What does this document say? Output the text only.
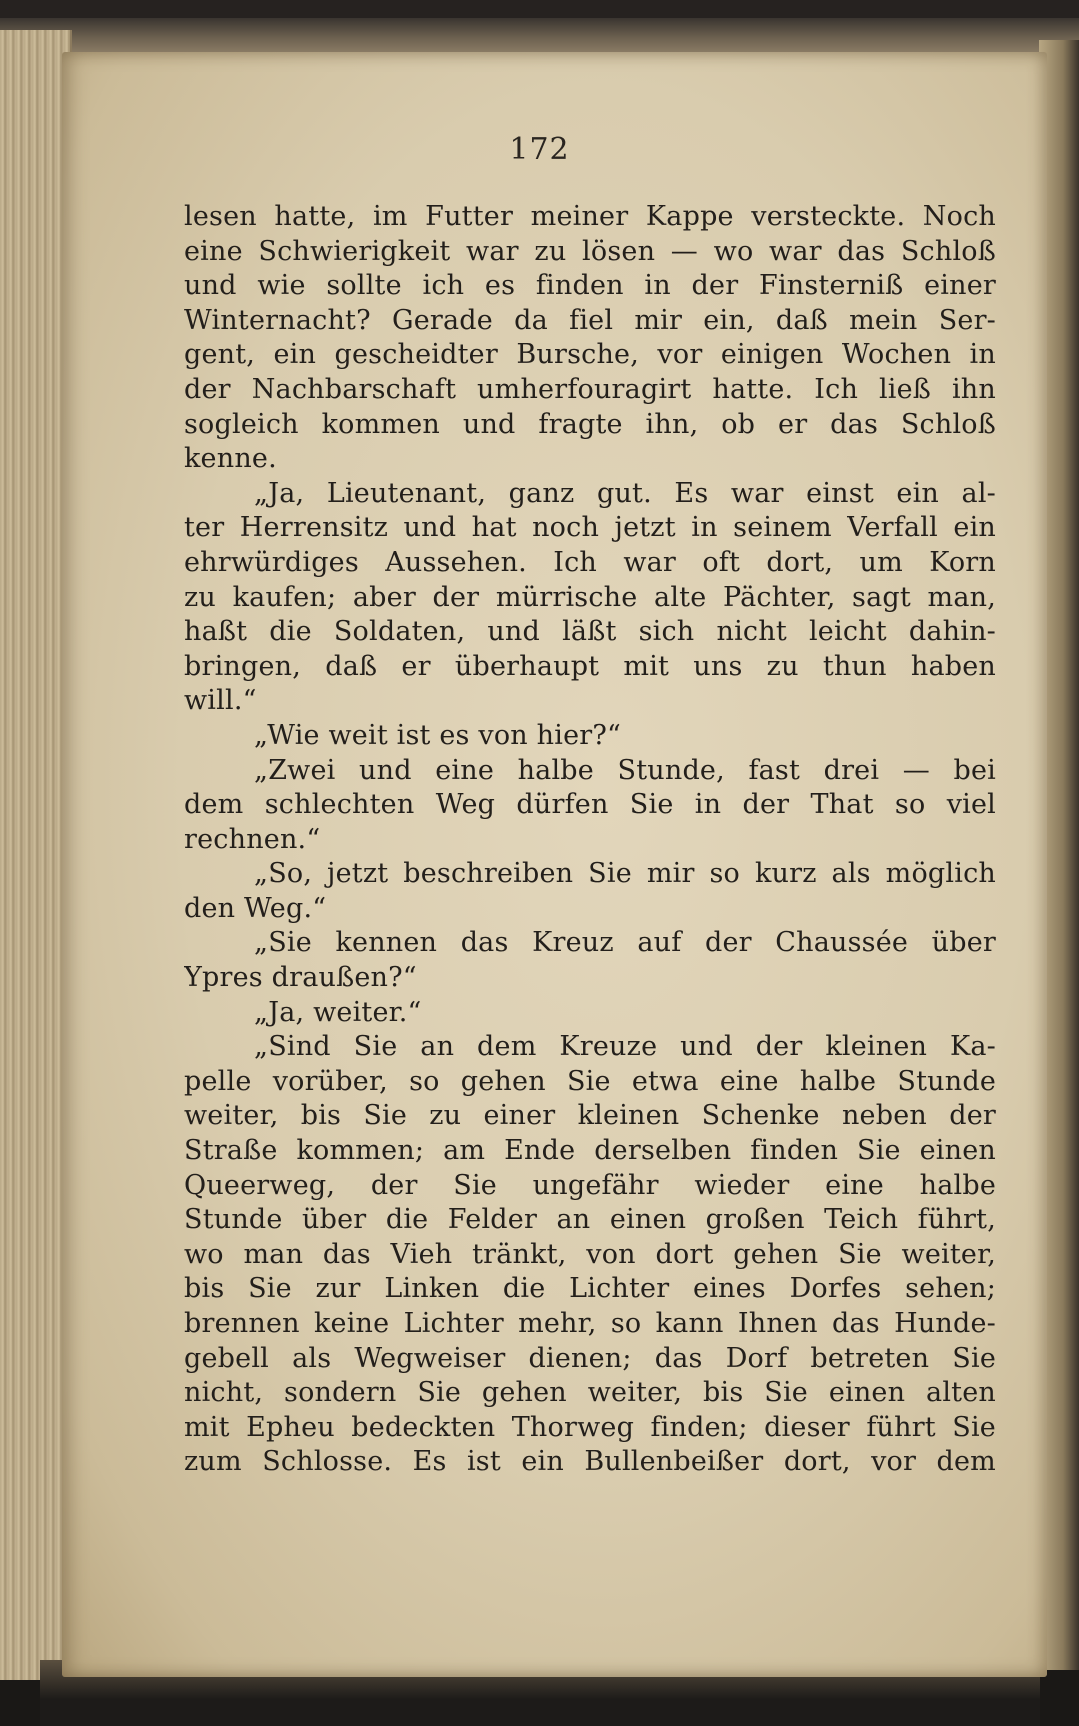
172
lesen hatte, im Futter meiner Kappe versteckte. Noch
eine Schwierigkeit war zu lösen — wo war das Schloß
und wie sollte ich es finden in der Finsterniß einer
Winternacht? Gerade da fiel mir ein, daß mein Ser-
gent, ein gescheidter Bursche, vor einigen Wochen in
der Nachbarschaft umherfouragirt hatte. Ich ließ ihn
sogleich kommen und fragte ihn, ob er das Schloß
kenne.
„Ja, Lieutenant, ganz gut. Es war einst ein al-
ter Herrensitz und hat noch jetzt in seinem Verfall ein
ehrwürdiges Aussehen. Ich war oft dort, um Korn
zu kaufen; aber der mürrische alte Pächter, sagt man,
haßt die Soldaten, und läßt sich nicht leicht dahin-
bringen, daß er überhaupt mit uns zu thun haben
will.“
„Wie weit ist es von hier?“
„Zwei und eine halbe Stunde, fast drei — bei
dem schlechten Weg dürfen Sie in der That so viel
rechnen.“
„So, jetzt beschreiben Sie mir so kurz als möglich
den Weg.“
„Sie kennen das Kreuz auf der Chaussée über
Ypres draußen?“
„Ja, weiter.“
„Sind Sie an dem Kreuze und der kleinen Ka-
pelle vorüber, so gehen Sie etwa eine halbe Stunde
weiter, bis Sie zu einer kleinen Schenke neben der
Straße kommen; am Ende derselben finden Sie einen
Queerweg, der Sie ungefähr wieder eine halbe
Stunde über die Felder an einen großen Teich führt,
wo man das Vieh tränkt, von dort gehen Sie weiter,
bis Sie zur Linken die Lichter eines Dorfes sehen;
brennen keine Lichter mehr, so kann Ihnen das Hunde-
gebell als Wegweiser dienen; das Dorf betreten Sie
nicht, sondern Sie gehen weiter, bis Sie einen alten
mit Epheu bedeckten Thorweg finden; dieser führt Sie
zum Schlosse. Es ist ein Bullenbeißer dort, vor dem
